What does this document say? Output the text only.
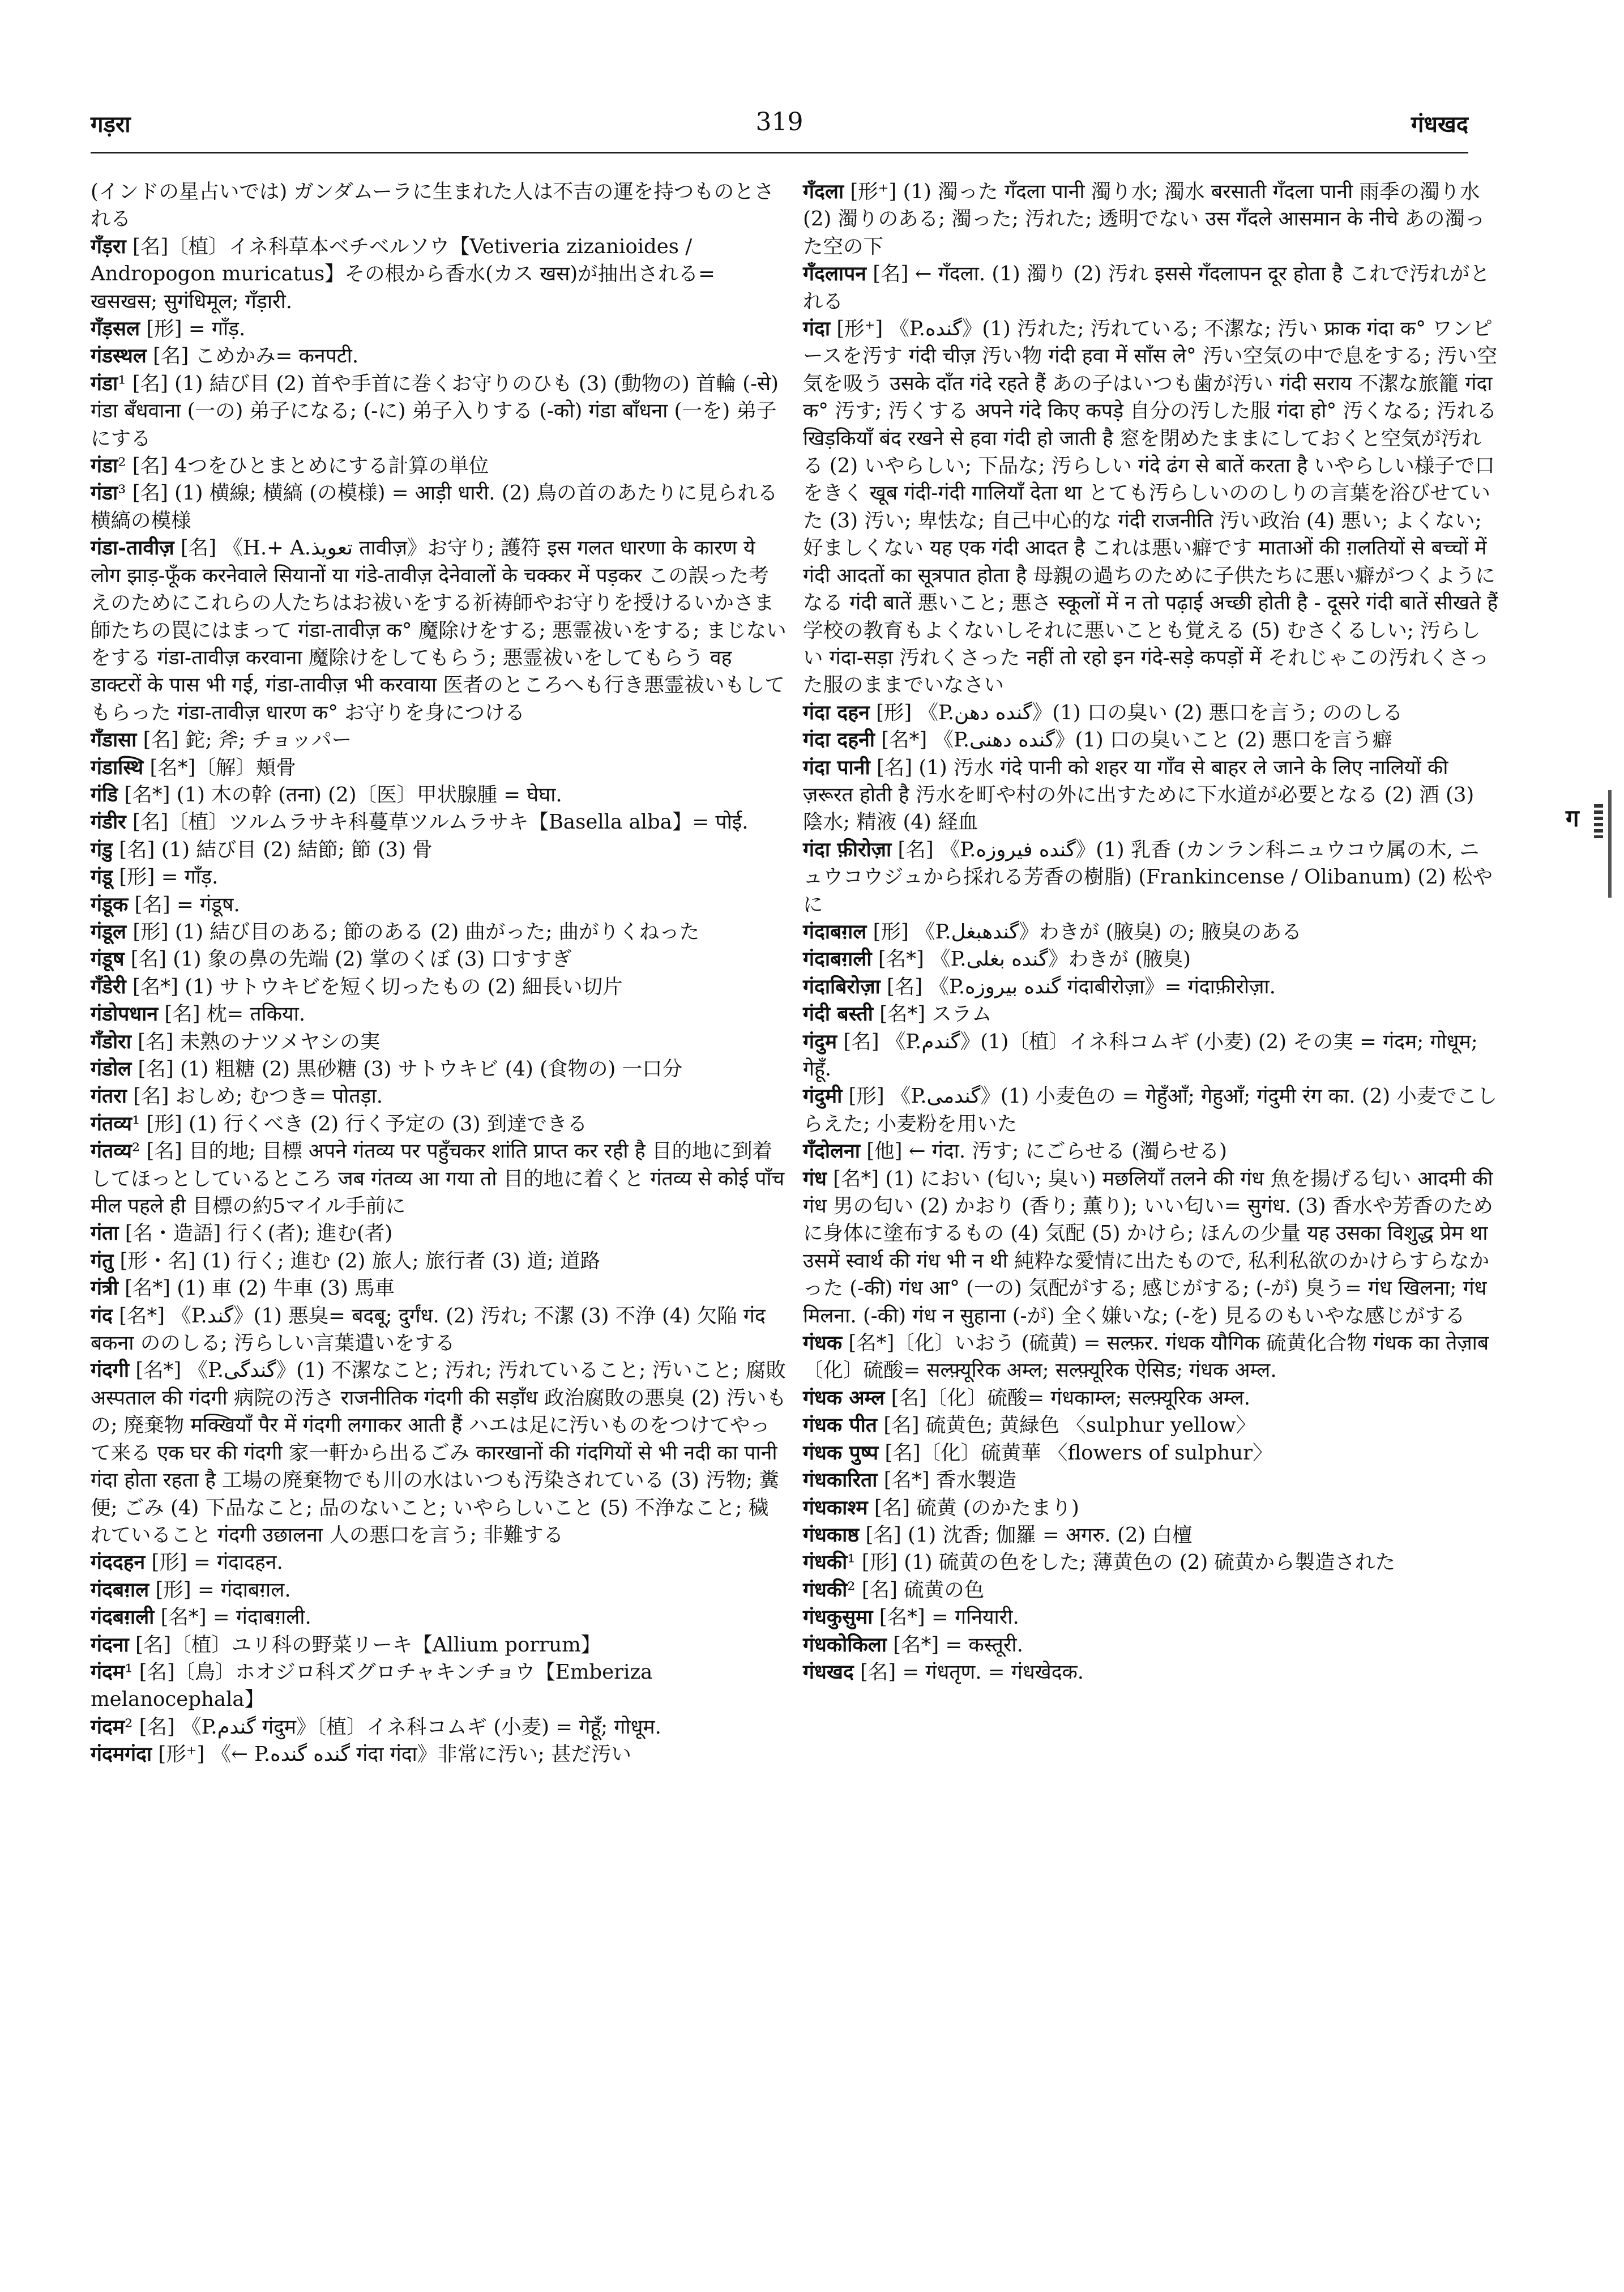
गड़रा	319	गंधखद

(インドの星占いでは) ガンダムーラに生まれた人は不吉の運を持つものとされる

गँड़रा [名]〔植〕イネ科草本ベチベルソウ【Vetiveria zizanioides / Andropogon muricatus】その根から香水(カス खस)が抽出される= खसखस; सुगंधिमूल; गँड़ारी.

गँड़सल [形] = गाँड़.

गंडस्थल [名] こめかみ= कनपटी.

गंडा¹ [名] (1) 結び目 (2) 首や手首に巻くお守りのひも (3) (動物の) 首輪 (-से) गंडा बँधवाना (一の) 弟子になる; (-に) 弟子入りする (-को) गंडा बाँधना (一を) 弟子にする

गंडा² [名] 4つをひとまとめにする計算の単位

गंडा³ [名] (1) 横線; 横縞 (の模様) = आड़ी धारी. (2) 鳥の首のあたりに見られる横縞の模様

गंडा-तावीज़ [名] 《H.+ A.تعویذ तावीज़》お守り; 護符 इस गलत धारणा के कारण ये लोग झाड़-फूँक करनेवाले सियानों या गंडे-तावीज़ देनेवालों के चक्कर में पड़कर この誤った考えのためにこれらの人たちはお祓いをする祈祷師やお守りを授けるいかさま師たちの罠にはまって गंडा-तावीज़ क° 魔除けをする; 悪霊祓いをする; まじないをする गंडा-तावीज़ करवाना 魔除けをしてもらう; 悪霊祓いをしてもらう वह डाक्टरों के पास भी गई, गंडा-तावीज़ भी करवाया 医者のところへも行き悪霊祓いもしてもらった गंडा-तावीज़ धारण क° お守りを身につける

गँडासा [名] 鉈; 斧; チョッパー

गंडास्थि [名*]〔解〕頬骨

गंडि [名*] (1) 木の幹 (तना) (2)〔医〕甲状腺腫 = घेघा.

गंडीर [名]〔植〕ツルムラサキ科蔓草ツルムラサキ【Basella alba】= पोई.

गंडु [名] (1) 結び目 (2) 結節; 節 (3) 骨

गंडू [形] = गाँड़.

गंडूक [名] = गंडूष.

गंडूल [形] (1) 結び目のある; 節のある (2) 曲がった; 曲がりくねった

गंडूष [名] (1) 象の鼻の先端 (2) 掌のくぼ (3) 口すすぎ

गँडेरी [名*] (1) サトウキビを短く切ったもの (2) 細長い切片

गंडोपधान [名] 枕= तकिया.

गँडोरा [名] 未熟のナツメヤシの実

गंडोल [名] (1) 粗糖 (2) 黒砂糖 (3) サトウキビ (4) (食物の) 一口分

गंतरा [名] おしめ; むつき= पोतड़ा.

गंतव्य¹ [形] (1) 行くべき (2) 行く予定の (3) 到達できる

गंतव्य² [名] 目的地; 目標 अपने गंतव्य पर पहुँचकर शांति प्राप्त कर रही है 目的地に到着してほっとしているところ जब गंतव्य आ गया तो 目的地に着くと गंतव्य से कोई पाँच मील पहले ही 目標の約5マイル手前に

गंता [名・造語] 行く(者); 進む(者)

गंतु [形・名] (1) 行く; 進む (2) 旅人; 旅行者 (3) 道; 道路

गंत्री [名*] (1) 車 (2) 牛車 (3) 馬車

गंद [名*] 《P.گند》(1) 悪臭= बदबू; दुर्गंध. (2) 汚れ; 不潔 (3) 不浄 (4) 欠陥 गंद बकना ののしる; 汚らしい言葉遣いをする

गंदगी [名*] 《P.گندگی》(1) 不潔なこと; 汚れ; 汚れていること; 汚いこと; 腐敗 अस्पताल की गंदगी 病院の汚さ राजनीतिक गंदगी की सड़ाँध 政治腐敗の悪臭 (2) 汚いもの; 廃棄物 मक्खियाँ पैर में गंदगी लगाकर आती हैं ハエは足に汚いものをつけてやって来る एक घर की गंदगी 家一軒から出るごみ कारखानों की गंदगियों से भी नदी का पानी गंदा होता रहता है 工場の廃棄物でも川の水はいつも汚染されている (3) 汚物; 糞便; ごみ (4) 下品なこと; 品のないこと; いやらしいこと (5) 不浄なこと; 穢れていること गंदगी उछालना 人の悪口を言う; 非難する

गंददहन [形] = गंदादहन.

गंदबग़ल [形] = गंदाबग़ल.

गंदबग़ली [名*] = गंदाबग़ली.

गंदना [名]〔植〕ユリ科の野菜リーキ【Allium porrum】

गंदम¹ [名]〔鳥〕ホオジロ科ズグロチャキンチョウ【Emberiza melanocephala】

गंदम² [名] 《P.گندم गंदुम》〔植〕イネ科コムギ (小麦) = गेहूँ; गोधूम.

गंदमगंदा [形⁺] 《← P.گنده گنده गंदा गंदा》非常に汚い; 甚だ汚い

गँदला [形⁺] (1) 濁った गँदला पानी 濁り水; 濁水 बरसाती गँदला पानी 雨季の濁り水 (2) 濁りのある; 濁った; 汚れた; 透明でない उस गँदले आसमान के नीचे あの濁った空の下

गँदलापन [名] ← गँदला. (1) 濁り (2) 汚れ इससे गँदलापन दूर होता है これで汚れがとれる

गंदा [形⁺] 《P.گنده》(1) 汚れた; 汚れている; 不潔な; 汚い फ्राक गंदा क° ワンピースを汚す गंदी चीज़ 汚い物 गंदी हवा में साँस ले° 汚い空気の中で息をする; 汚い空気を吸う उसके दाँत गंदे रहते हैं あの子はいつも歯が汚い गंदी सराय 不潔な旅籠 गंदा क° 汚す; 汚くする अपने गंदे किए कपड़े 自分の汚した服 गंदा हो° 汚くなる; 汚れる खिड़कियाँ बंद रखने से हवा गंदी हो जाती है 窓を閉めたままにしておくと空気が汚れる (2) いやらしい; 下品な; 汚らしい गंदे ढंग से बातें करता है いやらしい様子で口をきく खूब गंदी-गंदी गालियाँ देता था とても汚らしいののしりの言葉を浴びせていた (3) 汚い; 卑怯な; 自己中心的な गंदी राजनीति 汚い政治 (4) 悪い; よくない; 好ましくない यह एक गंदी आदत है これは悪い癖です माताओं की ग़लतियों से बच्चों में गंदी आदतों का सूत्रपात होता है 母親の過ちのために子供たちに悪い癖がつくようになる गंदी बातें 悪いこと; 悪さ स्कूलों में न तो पढ़ाई अच्छी होती है - दूसरे गंदी बातें सीखते हैं 学校の教育もよくないしそれに悪いことも覚える (5) むさくるしい; 汚らしい गंदा-सड़ा 汚れくさった नहीं तो रहो इन गंदे-सड़े कपड़ों में それじゃこの汚れくさった服のままでいなさい

गंदा दहन [形] 《P.گنده دهن》(1) 口の臭い (2) 悪口を言う; ののしる

गंदा दहनी [名*] 《P.گنده دهنی》(1) 口の臭いこと (2) 悪口を言う癖

गंदा पानी [名] (1) 汚水 गंदे पानी को शहर या गाँव से बाहर ले जाने के लिए नालियों की ज़रूरत होती है 汚水を町や村の外に出すために下水道が必要となる (2) 酒 (3) 陰水; 精液 (4) 経血

गंदा फ़ीरोज़ा [名] 《P.گنده فیروزه》(1) 乳香 (カンラン科ニュウコウ属の木, ニュウコウジュから採れる芳香の樹脂) (Frankincense / Olibanum) (2) 松やに

गंदाबग़ल [形] 《P.گندهبغل》わきが (腋臭) の; 腋臭のある

गंदाबग़ली [名*] 《P.گنده بغلی》わきが (腋臭)

गंदाबिरोज़ा [名] 《P.گنده بیروزه गंदाबीरोज़ा》= गंदाफ़ीरोज़ा.

गंदी बस्ती [名*] スラム

गंदुम [名] 《P.گندم》(1)〔植〕イネ科コムギ (小麦) (2) その実 = गंदम; गोधूम; गेहूँ.

गंदुमी [形] 《P.گندمی》(1) 小麦色の = गेहुँआँ; गेहुआँ; गंदुमी रंग का. (2) 小麦でこしらえた; 小麦粉を用いた

गँदोलना [他] ← गंदा. 汚す; にごらせる (濁らせる)

गंध [名*] (1) におい (匂い; 臭い) मछलियाँ तलने की गंध 魚を揚げる匂い आदमी की गंध 男の匂い (2) かおり (香り; 薫り); いい匂い= सुगंध. (3) 香水や芳香のために身体に塗布するもの (4) 気配 (5) かけら; ほんの少量 यह उसका विशुद्ध प्रेम था उसमें स्वार्थ की गंध भी न थी 純粋な愛情に出たもので, 私利私欲のかけらすらなかった (-की) गंध आ° (一の) 気配がする; 感じがする; (-が) 臭う= गंध खिलना; गंध मिलना. (-की) गंध न सुहाना (-が) 全く嫌いな; (-を) 見るのもいやな感じがする

गंधक [名*]〔化〕いおう (硫黄) = सल्फ़र. गंधक यौगिक 硫黄化合物 गंधक का तेज़ाब〔化〕硫酸= सल्फ़्यूरिक अम्ल; सल्फ़्यूरिक ऐसिड; गंधक अम्ल.

गंधक अम्ल [名]〔化〕硫酸= गंधकाम्ल; सल्फ़्यूरिक अम्ल.

गंधक पीत [名] 硫黄色; 黄緑色 〈sulphur yellow〉

गंधक पुष्प [名]〔化〕硫黄華 〈flowers of sulphur〉

गंधकारिता [名*] 香水製造

गंधकाश्म [名] 硫黄 (のかたまり)

गंधकाष्ठ [名] (1) 沈香; 伽羅 = अगरु. (2) 白檀

गंधकी¹ [形] (1) 硫黄の色をした; 薄黄色の (2) 硫黄から製造された

गंधकी² [名] 硫黄の色

गंधकुसुमा [名*] = गनियारी.

गंधकोकिला [名*] = कस्तूरी.

गंधखद [名] = गंधतृण. = गंधखेदक.

ग
